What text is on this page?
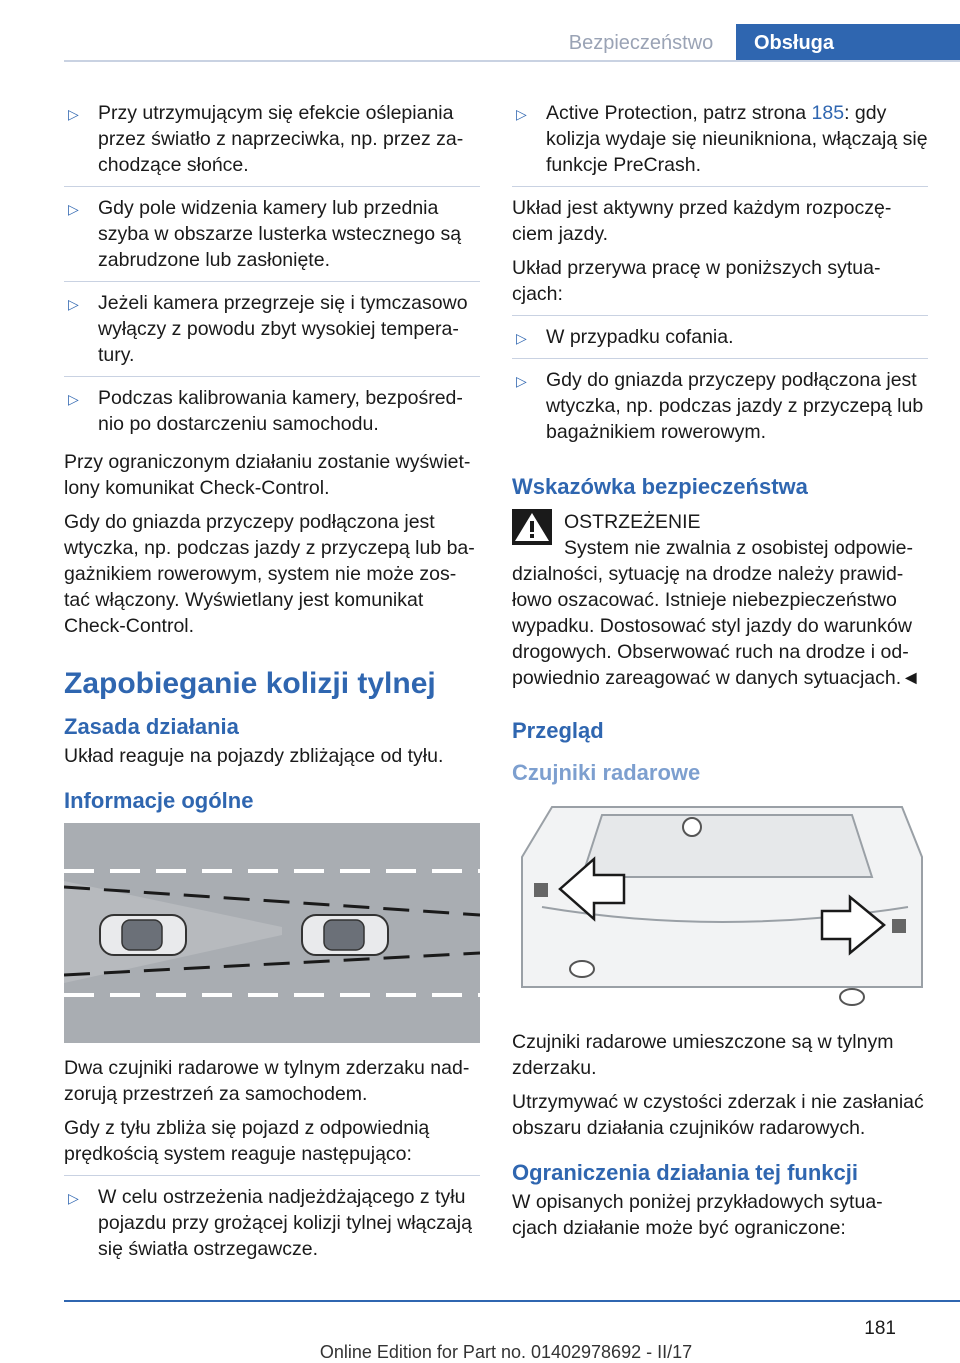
Bezpieczeństwo	Obsługa
▷ Przy utrzymującym się efekcie oślepiania przez światło z naprzeciwka, np. przez za-chodzące słońce.
▷ Gdy pole widzenia kamery lub przednia szyba w obszarze lusterka wstecznego są zabrudzone lub zasłonięte.
▷ Jeżeli kamera przegrzeje się i tymczasowo wyłączy z powodu zbyt wysokiej tempera-tury.
▷ Podczas kalibrowania kamery, bezpośred-nio po dostarczeniu samochodu.

Przy ograniczonym działaniu zostanie wyświet-lony komunikat Check-Control.

Gdy do gniazda przyczepy podłączona jest wtyczka, np. podczas jazdy z przyczepą lub ba-gażnikiem rowerowym, system nie może zos-tać włączony. Wyświetlany jest komunikat Check-Control.

Zapobieganie kolizji tylnej
Zasada działania

Układ reaguje na pojazdy zbliżające od tyłu.

Informacje ogólne

Dwa czujniki radarowe w tylnym zderzaku nad-zorują przestrzeń za samochodem.

Gdy z tyłu zbliża się pojazd z odpowiednią prędkością system reaguje następująco:

▷ W celu ostrzeżenia nadjeżdżającego z tyłu pojazdu przy grożącej kolizji tylnej włączają się światła ostrzegawcze.
▷ Active Protection, patrz strona 185: gdy kolizja wydaje się nieunikniona, włączają się funkcje PreCrash.

Układ jest aktywny przed każdym rozpoczę-ciem jazdy.

Układ przerywa pracę w poniższych sytua-cjach:

▷ W przypadku cofania.
▷ Gdy do gniazda przyczepy podłączona jest wtyczka, np. podczas jazdy z przyczepą lub bagażnikiem rowerowym.
Wskazówka bezpieczeństwa
OSTRZEŻENIE
System nie zwalnia z osobistej odpowie-
dzialności, sytuację na drodze należy prawid-łowo oszacować. Istnieje niebezpieczeństwo wypadku. Dostosować styl jazdy do warunków drogowych. Obserwować ruch na drodze i od-powiednio zareagować w danych sytuacjach.◄
Przegląd
Czujniki radarowe

Czujniki radarowe umieszczone są w tylnym zderzaku.

Utrzymywać w czystości zderzak i nie zasłaniać obszaru działania czujników radarowych.

Ograniczenia działania tej funkcji

W opisanych poniżej przykładowych sytua-cjach działanie może być ograniczone:

181
Online Edition for Part no. 01402978692 - II/17
